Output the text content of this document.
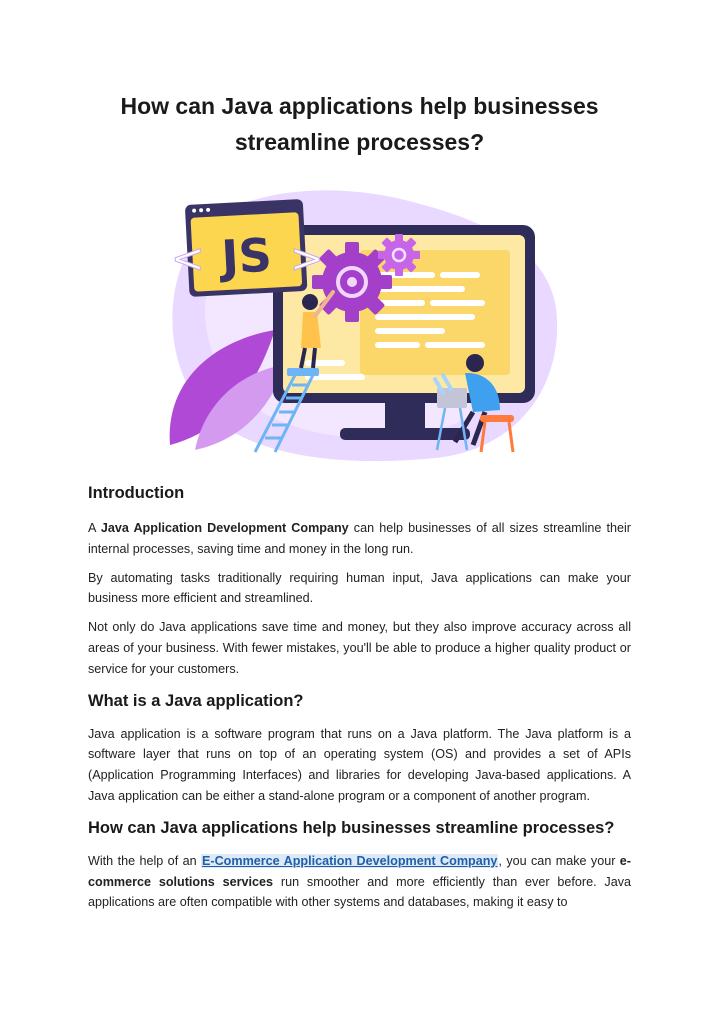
How can Java applications help businesses
streamline processes?
JS
< >
Introduction

A Java Application Development Company can help businesses of all sizes streamline their internal processes, saving time and money in the long run.

By automating tasks traditionally requiring human input, Java applications can make your business more efficient and streamlined.

Not only do Java applications save time and money, but they also improve accuracy across all areas of your business. With fewer mistakes, you'll be able to produce a higher quality product or service for your customers.

What is a Java application?

Java application is a software program that runs on a Java platform. The Java platform is a software layer that runs on top of an operating system (OS) and provides a set of APIs (Application Programming Interfaces) and libraries for developing Java-based applications. A Java application can be either a stand-alone program or a component of another program.

How can Java applications help businesses streamline processes?

With the help of an E-Commerce Application Development Company, you can make your e-commerce solutions services run smoother and more efficiently than ever before. Java applications are often compatible with other systems and databases, making it easy to
